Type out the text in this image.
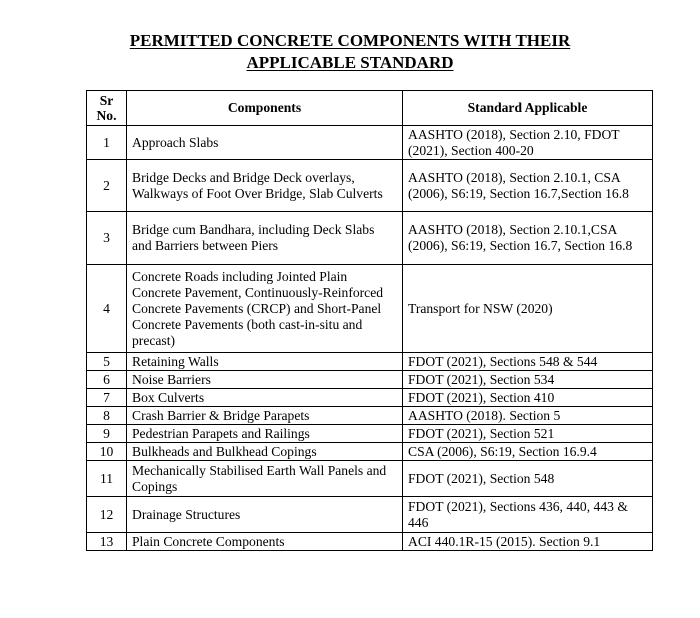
PERMITTED CONCRETE COMPONENTS WITH THEIR
APPLICABLE STANDARD
Sr No.	Components	Standard Applicable
1	Approach Slabs	AASHTO (2018), Section 2.10, FDOT (2021), Section 400-20
2	Bridge Decks and Bridge Deck overlays, Walkways of Foot Over Bridge, Slab Culverts	AASHTO (2018), Section 2.10.1, CSA (2006), S6:19, Section 16.7,Section 16.8
3	Bridge cum Bandhara, including Deck Slabs and Barriers between Piers	AASHTO (2018), Section 2.10.1,CSA (2006), S6:19, Section 16.7, Section 16.8
4	Concrete Roads including Jointed Plain Concrete Pavement, Continuously-Reinforced Concrete Pavements (CRCP) and Short-Panel Concrete Pavements (both cast-in-situ and precast)	Transport for NSW (2020)
5	Retaining Walls	FDOT (2021), Sections 548 & 544
6	Noise Barriers	FDOT (2021), Section 534
7	Box Culverts	FDOT (2021), Section 410
8	Crash Barrier & Bridge Parapets	AASHTO (2018). Section 5
9	Pedestrian Parapets and Railings	FDOT (2021), Section 521
10	Bulkheads and Bulkhead Copings	CSA (2006), S6:19, Section 16.9.4
11	Mechanically Stabilised Earth Wall Panels and Copings	FDOT (2021), Section 548
12	Drainage Structures	FDOT (2021), Sections 436, 440, 443 & 446
13	Plain Concrete Components	ACI 440.1R-15 (2015). Section 9.1
